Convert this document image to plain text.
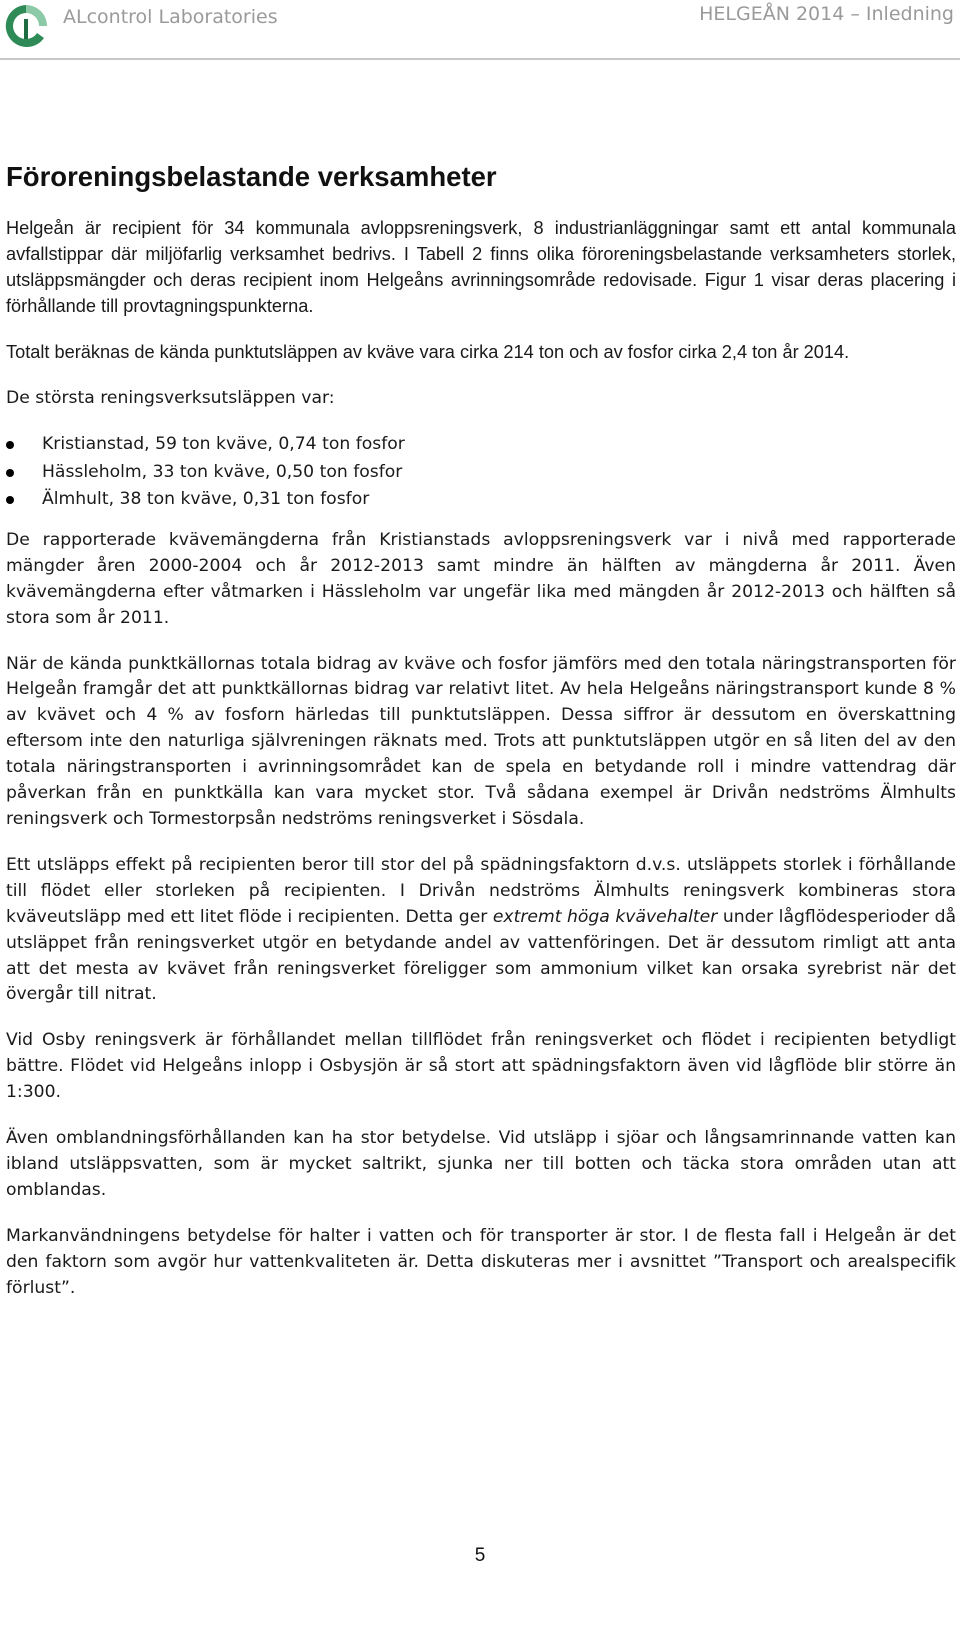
ALcontrol Laboratories	HELGEÅN 2014 – Inledning
Föroreningsbelastande verksamheter

Helgeån är recipient för 34 kommunala avloppsreningsverk, 8 industrianläggningar samt ett antal kommunala avfallstippar där miljöfarlig verksamhet bedrivs. I Tabell 2 finns olika föroreningsbelastande verksamheters storlek, utsläppsmängder och deras recipient inom Helgeåns avrinningsområde redovisade. Figur 1 visar deras placering i förhållande till provtagningspunkterna.

Totalt beräknas de kända punktutsläppen av kväve vara cirka 214 ton och av fosfor cirka 2,4 ton år 2014.

De största reningsverksutsläppen var:

Kristianstad, 59 ton kväve, 0,74 ton fosfor
Hässleholm, 33 ton kväve, 0,50 ton fosfor
Älmhult, 38 ton kväve, 0,31 ton fosfor

De rapporterade kvävemängderna från Kristianstads avloppsreningsverk var i nivå med rapporterade mängder åren 2000-2004 och år 2012-2013 samt mindre än hälften av mängderna år 2011. Även kvävemängderna efter våtmarken i Hässleholm var ungefär lika med mängden år 2012-2013 och hälften så stora som år 2011.

När de kända punktkällornas totala bidrag av kväve och fosfor jämförs med den totala näringstransporten för Helgeån framgår det att punktkällornas bidrag var relativt litet. Av hela Helgeåns näringstransport kunde 8 % av kvävet och 4 % av fosforn härledas till punktutsläppen. Dessa siffror är dessutom en överskattning eftersom inte den naturliga självreningen räknats med. Trots att punktutsläppen utgör en så liten del av den totala näringstransporten i avrinningsområdet kan de spela en betydande roll i mindre vattendrag där påverkan från en punktkälla kan vara mycket stor. Två sådana exempel är Drivån nedströms Älmhults reningsverk och Tormestorpsån nedströms reningsverket i Sösdala.

Ett utsläpps effekt på recipienten beror till stor del på spädningsfaktorn d.v.s. utsläppets storlek i förhållande till flödet eller storleken på recipienten. I Drivån nedströms Älmhults reningsverk kombineras stora kväveutsläpp med ett litet flöde i recipienten. Detta ger extremt höga kvävehalter under lågflödesperioder då utsläppet från reningsverket utgör en betydande andel av vattenföringen. Det är dessutom rimligt att anta att det mesta av kvävet från reningsverket föreligger som ammonium vilket kan orsaka syrebrist när det övergår till nitrat.

Vid Osby reningsverk är förhållandet mellan tillflödet från reningsverket och flödet i recipienten betydligt bättre. Flödet vid Helgeåns inlopp i Osbysjön är så stort att spädningsfaktorn även vid lågflöde blir större än 1:300.

Även omblandningsförhållanden kan ha stor betydelse. Vid utsläpp i sjöar och långsamrinnande vatten kan ibland utsläppsvatten, som är mycket saltrikt, sjunka ner till botten och täcka stora områden utan att omblandas.

Markanvändningens betydelse för halter i vatten och för transporter är stor. I de flesta fall i Helgeån är det den faktorn som avgör hur vattenkvaliteten är. Detta diskuteras mer i avsnittet ”Transport och arealspecifik förlust”.

5
